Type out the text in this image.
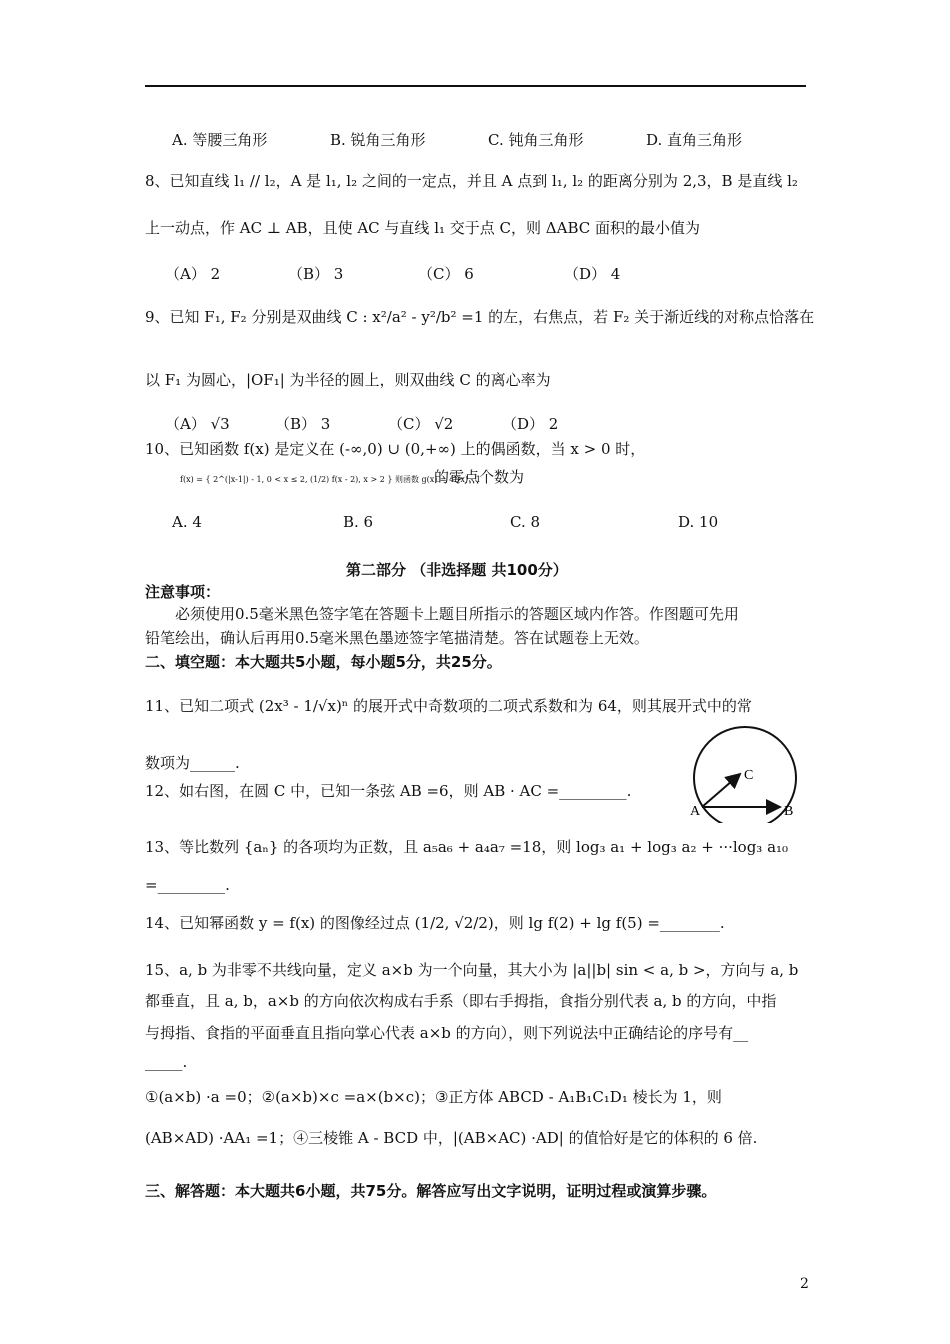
A. 等腰三角形	B. 锐角三角形	C. 钝角三角形	D. 直角三角形
8、已知直线 l₁ // l₂，A 是 l₁, l₂ 之间的一定点，并且 A 点到 l₁, l₂ 的距离分别为 2,3，B 是直线 l₂
上一动点，作 AC ⊥ AB，且使 AC 与直线 l₁ 交于点 C，则 ΔABC 面积的最小值为
（A） 2	（B） 3	（C） 6	（D） 4
9、已知 F₁, F₂ 分别是双曲线 C : x²/a² - y²/b² =1 的左，右焦点，若 F₂ 关于渐近线的对称点恰落在
以 F₁ 为圆心，|OF₁| 为半径的圆上，则双曲线 C 的离心率为
（A） √3	（B） 3	（C） √2	（D） 2
10、已知函数 f(x) 是定义在 (-∞,0) ∪ (0,+∞) 上的偶函数，当 x > 0 时，
f(x) = { 2^(|x-1|) - 1, 0 < x ≤ 2, (1/2) f(x - 2), x > 2 } 则函数 g(x) = 4f(x) - 1
的零点个数为
A. 4	B. 6	C. 8	D. 10
第二部分 （非选择题 共100分）
注意事项：
必须使用0.5毫米黑色签字笔在答题卡上题目所指示的答题区域内作答。作图题可先用
铅笔绘出，确认后再用0.5毫米黑色墨迹签字笔描清楚。答在试题卷上无效。
二、填空题：本大题共5小题，每小题5分，共25分。
11、已知二项式 (2x³ - 1/√x)ⁿ 的展开式中奇数项的二项式系数和为 64，则其展开式中的常
数项为______.
12、如右图，在圆 C 中，已知一条弦 AB =6，则 AB · AC =_________.
A	B
C
13、等比数列 {aₙ} 的各项均为正数，且 a₅a₆ + a₄a₇ =18，则 log₃ a₁ + log₃ a₂ + ···log₃ a₁₀
=_________.
14、已知幂函数 y = f(x) 的图像经过点 (1/2, √2/2)，则 lg f(2) + lg f(5) =________.
15、a, b 为非零不共线向量，定义 a×b 为一个向量，其大小为 |a||b| sin < a, b >，方向与 a, b
都垂直，且 a, b，a×b 的方向依次构成右手系（即右手拇指，食指分别代表 a, b 的方向，中指
与拇指、食指的平面垂直且指向掌心代表 a×b 的方向），则下列说法中正确结论的序号有__
_____.
①(a×b) ·a =0；②(a×b)×c =a×(b×c)；③正方体 ABCD - A₁B₁C₁D₁ 棱长为 1，则
(AB×AD) ·AA₁ =1；④三棱锥 A - BCD 中，|(AB×AC) ·AD| 的值恰好是它的体积的 6 倍.
三、解答题：本大题共6小题，共75分。解答应写出文字说明，证明过程或演算步骤。
2
